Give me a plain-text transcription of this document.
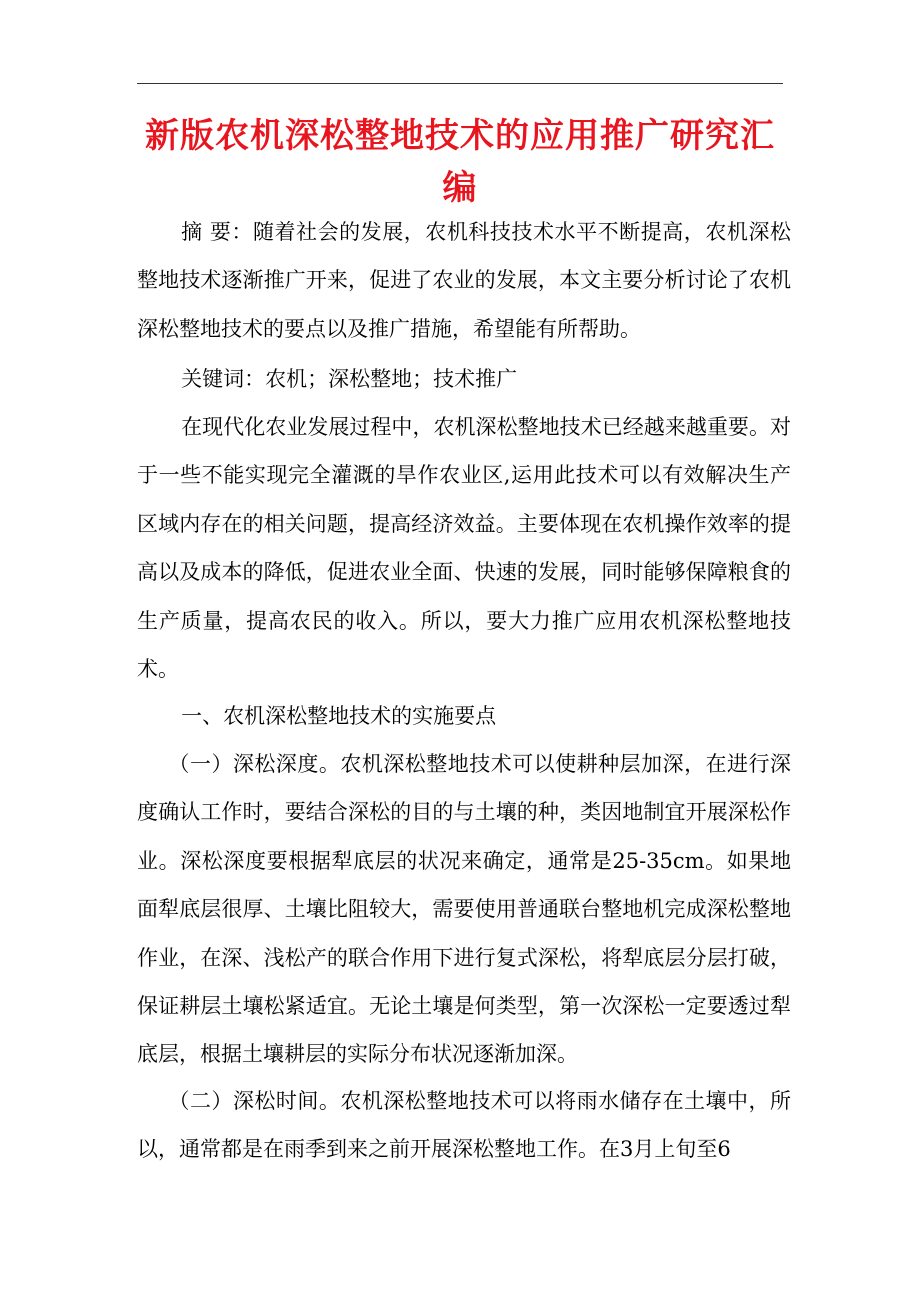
新版农机深松整地技术的应用推广研究汇编

摘 要：随着社会的发展，农机科技技术水平不断提高，农机深松整地技术逐渐推广开来，促进了农业的发展，本文主要分析讨论了农机深松整地技术的要点以及推广措施，希望能有所帮助。

关键词：农机；深松整地；技术推广

在现代化农业发展过程中，农机深松整地技术已经越来越重要。对于一些不能实现完全灌溉的旱作农业区,运用此技术可以有效解决生产区域内存在的相关问题，提高经济效益。主要体现在农机操作效率的提高以及成本的降低，促进农业全面、快速的发展，同时能够保障粮食的生产质量，提高农民的收入。所以，要大力推广应用农机深松整地技术。

一、农机深松整地技术的实施要点

（一）深松深度。农机深松整地技术可以使耕种层加深，在进行深度确认工作时，要结合深松的目的与土壤的种，类因地制宜开展深松作业。深松深度要根据犁底层的状况来确定，通常是25-35cm。如果地面犁底层很厚、土壤比阻较大，需要使用普通联台整地机完成深松整地作业，在深、浅松产的联合作用下进行复式深松，将犁底层分层打破，保证耕层土壤松紧适宜。无论土壤是何类型，第一次深松一定要透过犁底层，根据土壤耕层的实际分布状况逐渐加深。

（二）深松时间。农机深松整地技术可以将雨水储存在土壤中，所以，通常都是在雨季到来之前开展深松整地工作。在3月上旬至6
